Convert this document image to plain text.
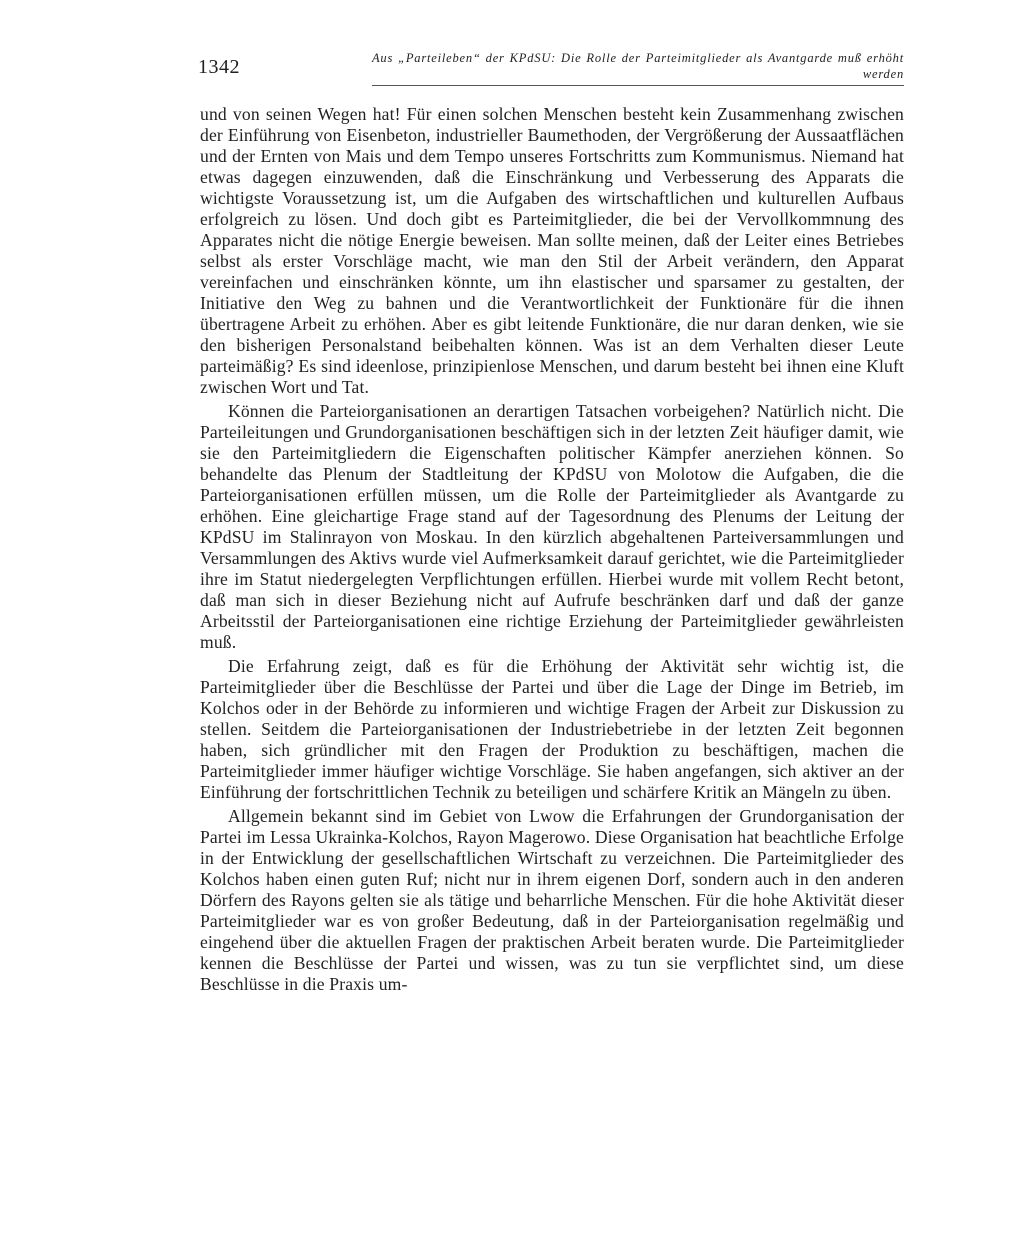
1342	Aus „Parteileben“ der KPdSU: Die Rolle der Parteimitglieder als Avantgarde muß erhöht werden

und von seinen Wegen hat! Für einen solchen Menschen besteht kein Zusammenhang zwischen der Einführung von Eisenbeton, industrieller Baumethoden, der Vergrößerung der Aussaatflächen und der Ernten von Mais und dem Tempo unseres Fortschritts zum Kommunismus. Niemand hat etwas dagegen einzuwenden, daß die Einschränkung und Verbesserung des Apparats die wichtigste Voraussetzung ist, um die Aufgaben des wirtschaftlichen und kulturellen Aufbaus erfolgreich zu lösen. Und doch gibt es Parteimitglieder, die bei der Vervollkommnung des Apparates nicht die nötige Energie beweisen. Man sollte meinen, daß der Leiter eines Betriebes selbst als erster Vorschläge macht, wie man den Stil der Arbeit verändern, den Apparat vereinfachen und einschränken könnte, um ihn elastischer und sparsamer zu gestalten, der Initiative den Weg zu bahnen und die Verantwortlichkeit der Funktionäre für die ihnen übertragene Arbeit zu erhöhen. Aber es gibt leitende Funktionäre, die nur daran denken, wie sie den bisherigen Personalstand beibehalten können. Was ist an dem Verhalten dieser Leute parteimäßig? Es sind ideenlose, prinzipienlose Menschen, und darum besteht bei ihnen eine Kluft zwischen Wort und Tat.

Können die Parteiorganisationen an derartigen Tatsachen vorbeigehen? Natürlich nicht. Die Parteileitungen und Grundorganisationen beschäftigen sich in der letzten Zeit häufiger damit, wie sie den Parteimitgliedern die Eigenschaften politischer Kämpfer anerziehen können. So behandelte das Plenum der Stadtleitung der KPdSU von Molotow die Aufgaben, die die Parteiorganisationen erfüllen müssen, um die Rolle der Parteimitglieder als Avantgarde zu erhöhen. Eine gleichartige Frage stand auf der Tagesordnung des Plenums der Leitung der KPdSU im Stalinrayon von Moskau. In den kürzlich abgehaltenen Parteiversammlungen und Versammlungen des Aktivs wurde viel Aufmerksamkeit darauf gerichtet, wie die Parteimitglieder ihre im Statut niedergelegten Verpflichtungen erfüllen. Hierbei wurde mit vollem Recht betont, daß man sich in dieser Beziehung nicht auf Aufrufe beschränken darf und daß der ganze Arbeitsstil der Parteiorganisationen eine richtige Erziehung der Parteimitglieder gewährleisten muß.

Die Erfahrung zeigt, daß es für die Erhöhung der Aktivität sehr wichtig ist, die Parteimitglieder über die Beschlüsse der Partei und über die Lage der Dinge im Betrieb, im Kolchos oder in der Behörde zu informieren und wichtige Fragen der Arbeit zur Diskussion zu stellen. Seitdem die Parteiorganisationen der Industriebetriebe in der letzten Zeit begonnen haben, sich gründlicher mit den Fragen der Produktion zu beschäftigen, machen die Parteimitglieder immer häufiger wichtige Vorschläge. Sie haben angefangen, sich aktiver an der Einführung der fortschrittlichen Technik zu beteiligen und schärfere Kritik an Mängeln zu üben.

Allgemein bekannt sind im Gebiet von Lwow die Erfahrungen der Grundorganisation der Partei im Lessa Ukrainka-Kolchos, Rayon Magerowo. Diese Organisation hat beachtliche Erfolge in der Entwicklung der gesellschaftlichen Wirtschaft zu verzeichnen. Die Parteimitglieder des Kolchos haben einen guten Ruf; nicht nur in ihrem eigenen Dorf, sondern auch in den anderen Dörfern des Rayons gelten sie als tätige und beharrliche Menschen. Für die hohe Aktivität dieser Parteimitglieder war es von großer Bedeutung, daß in der Parteiorganisation regelmäßig und eingehend über die aktuellen Fragen der praktischen Arbeit beraten wurde. Die Parteimitglieder kennen die Beschlüsse der Partei und wissen, was zu tun sie verpflichtet sind, um diese Beschlüsse in die Praxis um-
